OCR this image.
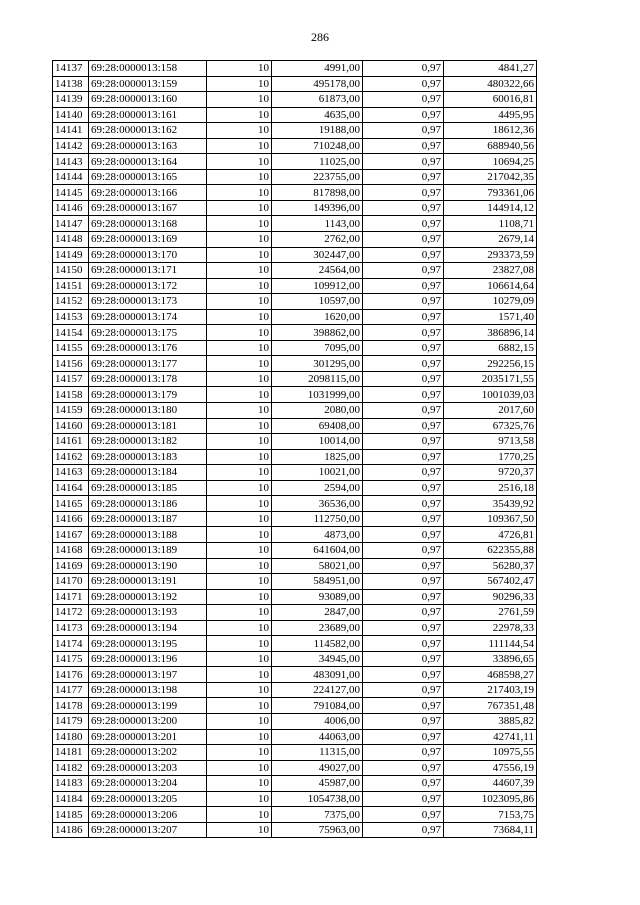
286
14137	69:28:0000013:158	10	4991,00	0,97	4841,27
14138	69:28:0000013:159	10	495178,00	0,97	480322,66
14139	69:28:0000013:160	10	61873,00	0,97	60016,81
14140	69:28:0000013:161	10	4635,00	0,97	4495,95
14141	69:28:0000013:162	10	19188,00	0,97	18612,36
14142	69:28:0000013:163	10	710248,00	0,97	688940,56
14143	69:28:0000013:164	10	11025,00	0,97	10694,25
14144	69:28:0000013:165	10	223755,00	0,97	217042,35
14145	69:28:0000013:166	10	817898,00	0,97	793361,06
14146	69:28:0000013:167	10	149396,00	0,97	144914,12
14147	69:28:0000013:168	10	1143,00	0,97	1108,71
14148	69:28:0000013:169	10	2762,00	0,97	2679,14
14149	69:28:0000013:170	10	302447,00	0,97	293373,59
14150	69:28:0000013:171	10	24564,00	0,97	23827,08
14151	69:28:0000013:172	10	109912,00	0,97	106614,64
14152	69:28:0000013:173	10	10597,00	0,97	10279,09
14153	69:28:0000013:174	10	1620,00	0,97	1571,40
14154	69:28:0000013:175	10	398862,00	0,97	386896,14
14155	69:28:0000013:176	10	7095,00	0,97	6882,15
14156	69:28:0000013:177	10	301295,00	0,97	292256,15
14157	69:28:0000013:178	10	2098115,00	0,97	2035171,55
14158	69:28:0000013:179	10	1031999,00	0,97	1001039,03
14159	69:28:0000013:180	10	2080,00	0,97	2017,60
14160	69:28:0000013:181	10	69408,00	0,97	67325,76
14161	69:28:0000013:182	10	10014,00	0,97	9713,58
14162	69:28:0000013:183	10	1825,00	0,97	1770,25
14163	69:28:0000013:184	10	10021,00	0,97	9720,37
14164	69:28:0000013:185	10	2594,00	0,97	2516,18
14165	69:28:0000013:186	10	36536,00	0,97	35439,92
14166	69:28:0000013:187	10	112750,00	0,97	109367,50
14167	69:28:0000013:188	10	4873,00	0,97	4726,81
14168	69:28:0000013:189	10	641604,00	0,97	622355,88
14169	69:28:0000013:190	10	58021,00	0,97	56280,37
14170	69:28:0000013:191	10	584951,00	0,97	567402,47
14171	69:28:0000013:192	10	93089,00	0,97	90296,33
14172	69:28:0000013:193	10	2847,00	0,97	2761,59
14173	69:28:0000013:194	10	23689,00	0,97	22978,33
14174	69:28:0000013:195	10	114582,00	0,97	111144,54
14175	69:28:0000013:196	10	34945,00	0,97	33896,65
14176	69:28:0000013:197	10	483091,00	0,97	468598,27
14177	69:28:0000013:198	10	224127,00	0,97	217403,19
14178	69:28:0000013:199	10	791084,00	0,97	767351,48
14179	69:28:0000013:200	10	4006,00	0,97	3885,82
14180	69:28:0000013:201	10	44063,00	0,97	42741,11
14181	69:28:0000013:202	10	11315,00	0,97	10975,55
14182	69:28:0000013:203	10	49027,00	0,97	47556,19
14183	69:28:0000013:204	10	45987,00	0,97	44607,39
14184	69:28:0000013:205	10	1054738,00	0,97	1023095,86
14185	69:28:0000013:206	10	7375,00	0,97	7153,75
14186	69:28:0000013:207	10	75963,00	0,97	73684,11
